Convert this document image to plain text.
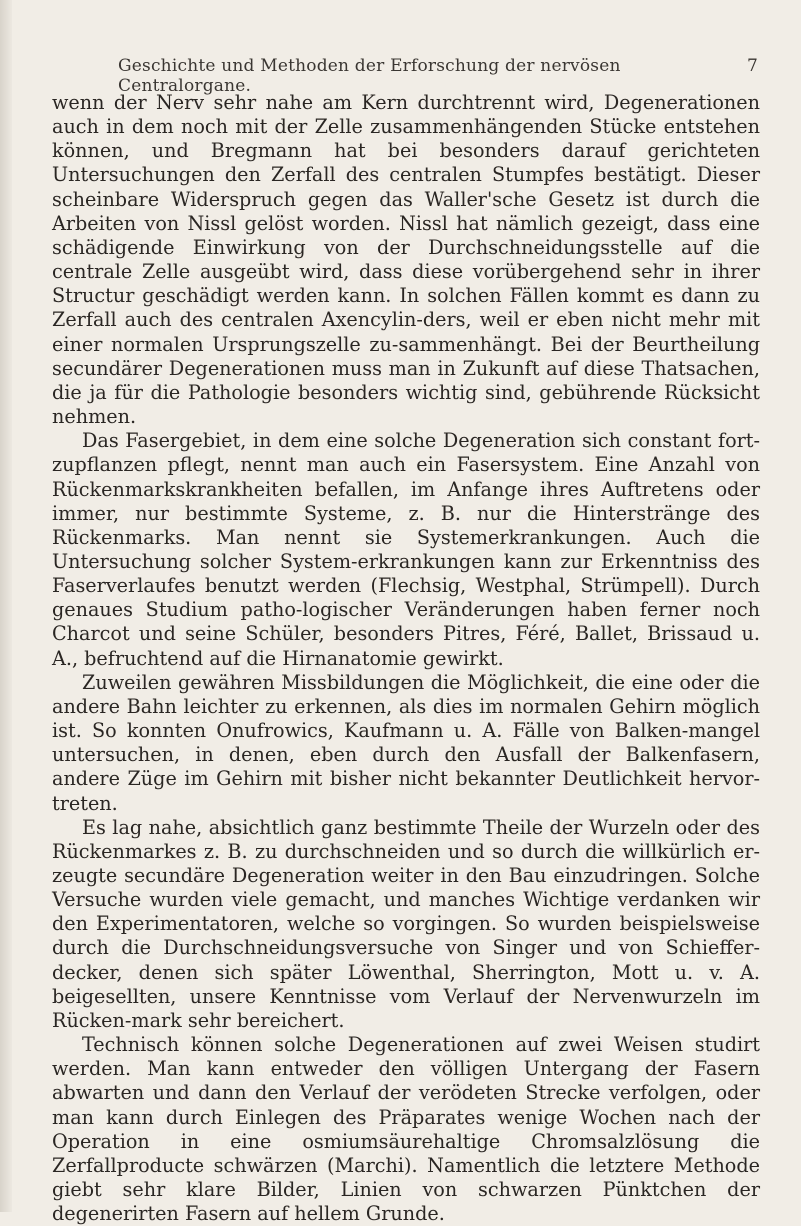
Geschichte und Methoden der Erforschung der nervösen Centralorgane.
7

wenn der Nerv sehr nahe am Kern durchtrennt wird, Degenerationen auch in dem noch mit der Zelle zusammenhängenden Stücke entstehen können, und Bregmann hat bei besonders darauf gerichteten Untersuchungen den Zerfall des centralen Stumpfes bestätigt. Dieser scheinbare Widerspruch gegen das Waller'sche Gesetz ist durch die Arbeiten von Nissl gelöst worden. Nissl hat nämlich gezeigt, dass eine schädigende Einwirkung von der Durchschneidungsstelle auf die centrale Zelle ausgeübt wird, dass diese vorübergehend sehr in ihrer Structur geschädigt werden kann. In solchen Fällen kommt es dann zu Zerfall auch des centralen Axencylin-ders, weil er eben nicht mehr mit einer normalen Ursprungszelle zu-sammenhängt. Bei der Beurtheilung secundärer Degenerationen muss man in Zukunft auf diese Thatsachen, die ja für die Pathologie besonders wichtig sind, gebührende Rücksicht nehmen.

Das Fasergebiet, in dem eine solche Degeneration sich constant fort-zupflanzen pflegt, nennt man auch ein Fasersystem. Eine Anzahl von Rückenmarkskrankheiten befallen, im Anfange ihres Auftretens oder immer, nur bestimmte Systeme, z. B. nur die Hinterstränge des Rückenmarks. Man nennt sie Systemerkrankungen. Auch die Untersuchung solcher System-erkrankungen kann zur Erkenntniss des Faserverlaufes benutzt werden (Flechsig, Westphal, Strümpell). Durch genaues Studium patho-logischer Veränderungen haben ferner noch Charcot und seine Schüler, besonders Pitres, Féré, Ballet, Brissaud u. A., befruchtend auf die Hirnanatomie gewirkt.

Zuweilen gewähren Missbildungen die Möglichkeit, die eine oder die andere Bahn leichter zu erkennen, als dies im normalen Gehirn möglich ist. So konnten Onufrowics, Kaufmann u. A. Fälle von Balken-mangel untersuchen, in denen, eben durch den Ausfall der Balkenfasern, andere Züge im Gehirn mit bisher nicht bekannter Deutlichkeit hervor-treten.

Es lag nahe, absichtlich ganz bestimmte Theile der Wurzeln oder des Rückenmarkes z. B. zu durchschneiden und so durch die willkürlich er-zeugte secundäre Degeneration weiter in den Bau einzudringen. Solche Versuche wurden viele gemacht, und manches Wichtige verdanken wir den Experimentatoren, welche so vorgingen. So wurden beispielsweise durch die Durchschneidungsversuche von Singer und von Schieffer-decker, denen sich später Löwenthal, Sherrington, Mott u. v. A. beigesellten, unsere Kenntnisse vom Verlauf der Nervenwurzeln im Rücken-mark sehr bereichert.

Technisch können solche Degenerationen auf zwei Weisen studirt werden. Man kann entweder den völligen Untergang der Fasern abwarten und dann den Verlauf der verödeten Strecke verfolgen, oder man kann durch Einlegen des Präparates wenige Wochen nach der Operation in eine osmiumsäurehaltige Chromsalzlösung die Zerfallproducte schwärzen (Marchi). Namentlich die letztere Methode giebt sehr klare Bilder, Linien von schwarzen Pünktchen der degenerirten Fasern auf hellem Grunde.
